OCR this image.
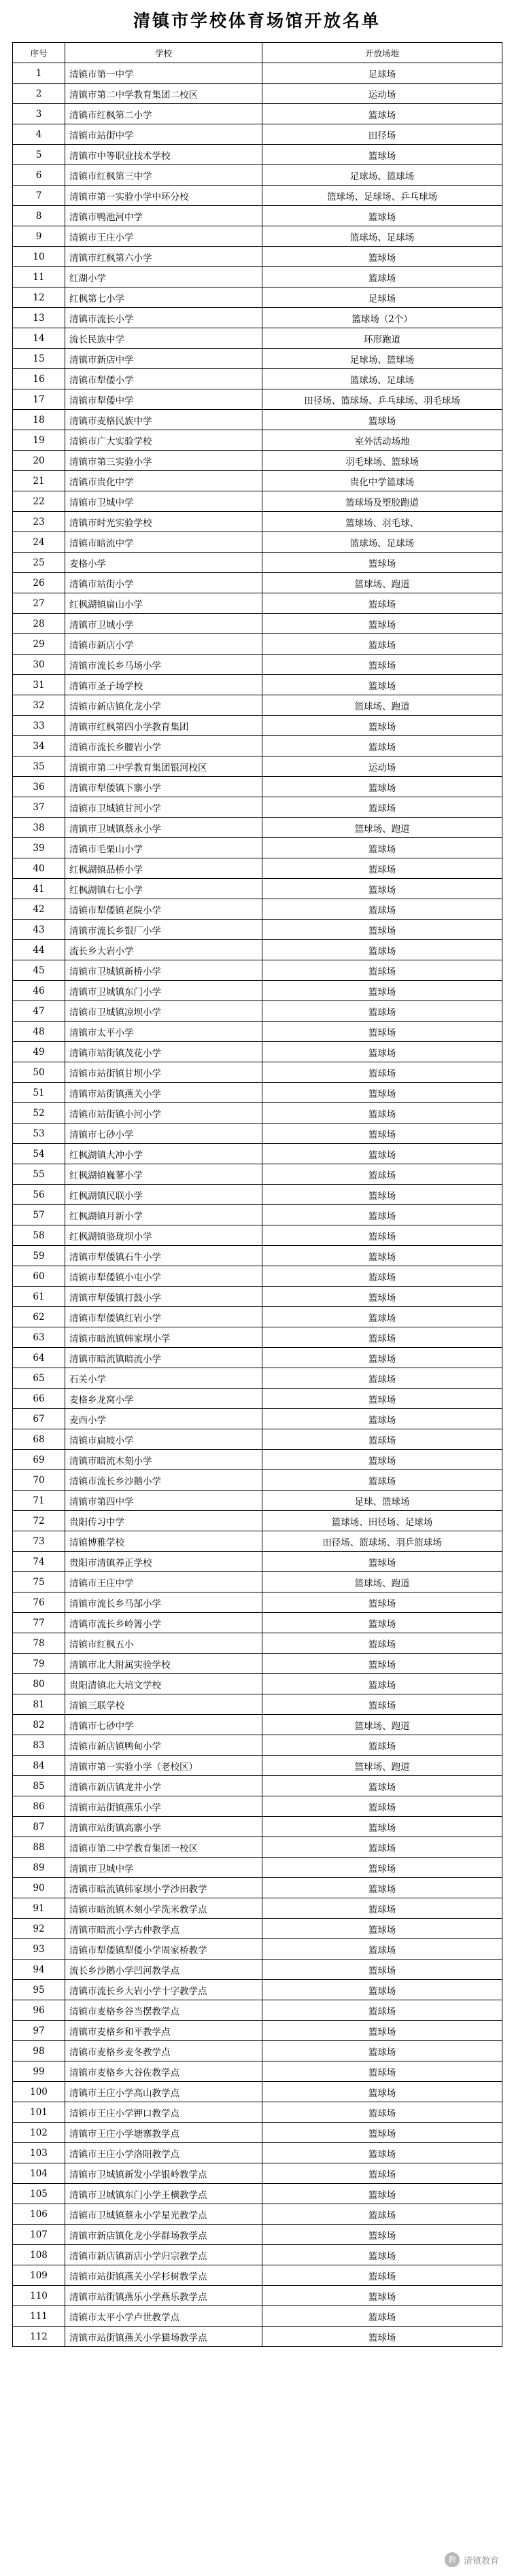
清镇市学校体育场馆开放名单
序号	学校	开放场地
1	清镇市第一中学	足球场
2	清镇市第二中学教育集团二校区	运动场
3	清镇市红枫第二小学	篮球场
4	清镇市站街中学	田径场
5	清镇市中等职业技术学校	篮球场
6	清镇市红枫第三中学	足球场、篮球场
7	清镇市第一实验小学中环分校	篮球场、足球场、乒乓球场
8	清镇市鸭池河中学	篮球场
9	清镇市王庄小学	篮球场、足球场
10	清镇市红枫第六小学	篮球场
11	红湖小学	篮球场
12	红枫第七小学	足球场
13	清镇市流长小学	篮球场（2个）
14	流长民族中学	环形跑道
15	清镇市新店中学	足球场、篮球场
16	清镇市犁倭小学	篮球场、足球场
17	清镇市犁倭中学	田径场、篮球场、乒乓球场、羽毛球场
18	清镇市麦格民族中学	篮球场
19	清镇市广大实验学校	室外活动场地
20	清镇市第三实验小学	羽毛球场、篮球场
21	清镇市贵化中学	贵化中学篮球场
22	清镇市卫城中学	篮球场及塑胶跑道
23	清镇市时光实验学校	篮球场、羽毛球、
24	清镇市暗流中学	篮球场、足球场
25	麦格小学	篮球场
26	清镇市站街小学	篮球场、跑道
27	红枫湖镇扁山小学	篮球场
28	清镇市卫城小学	篮球场
29	清镇市新店小学	篮球场
30	清镇市流长乡马场小学	篮球场
31	清镇市圣子场学校	篮球场
32	清镇市新店镇化龙小学	篮球场、跑道
33	清镇市红枫第四小学教育集团	篮球场
34	清镇市流长乡腰岩小学	篮球场
35	清镇市第二中学教育集团银河校区	运动场
36	清镇市犁倭镇下寨小学	篮球场
37	清镇市卫城镇甘河小学	篮球场
38	清镇市卫城镇蔡永小学	篮球场、跑道
39	清镇市毛栗山小学	篮球场
40	红枫湖镇品桥小学	篮球场
41	红枫湖镇右七小学	篮球场
42	清镇市犁倭镇老院小学	篮球场
43	清镇市流长乡银厂小学	篮球场
44	流长乡大岩小学	篮球场
45	清镇市卫城镇新桥小学	篮球场
46	清镇市卫城镇东门小学	篮球场
47	清镇市卫城镇凉坝小学	篮球场
48	清镇市太平小学	篮球场
49	清镇市站街镇茂花小学	篮球场
50	清镇市站街镇甘坝小学	篮球场
51	清镇市站街镇燕关小学	篮球场
52	清镇市站街镇小河小学	篮球场
53	清镇市七砂小学	篮球场
54	红枫湖镇大冲小学	篮球场
55	红枫湖镇巍蓼小学	篮球场
56	红枫湖镇民联小学	篮球场
57	红枫湖镇月新小学	篮球场
58	红枫湖镇骆珑坝小学	篮球场
59	清镇市犁倭镇石牛小学	篮球场
60	清镇市犁倭镇小屯小学	篮球场
61	清镇市犁倭镇打鼓小学	篮球场
62	清镇市犁倭镇红岩小学	篮球场
63	清镇市暗流镇韩家坝小学	篮球场
64	清镇市暗流镇暗流小学	篮球场
65	石关小学	篮球场
66	麦格乡龙窝小学	篮球场
67	麦西小学	篮球场
68	清镇市扁坡小学	篮球场
69	清镇市暗流木刻小学	篮球场
70	清镇市流长乡沙鹅小学	篮球场
71	清镇市第四中学	足球、篮球场
72	贵阳传习中学	篮球场、田径场、足球场
73	清镇博雅学校	田径场、篮球场、羽乒篮球场
74	贵阳市清镇养正学校	篮球场
75	清镇市王庄中学	篮球场、跑道
76	清镇市流长乡马郜小学	篮球场
77	清镇市流长乡岭箐小学	篮球场
78	清镇市红枫五小	篮球场
79	清镇市北大附属实验学校	篮球场
80	贵阳清镇北大培文学校	篮球场
81	清镇三联学校	篮球场
82	清镇市七砂中学	篮球场、跑道
83	清镇市新店镇鸭甸小学	篮球场
84	清镇市第一实验小学（老校区）	篮球场、跑道
85	清镇市新店镇龙井小学	篮球场
86	清镇市站街镇燕乐小学	篮球场
87	清镇市站街镇高寨小学	篮球场
88	清镇市第二中学教育集团一校区	篮球场
89	清镇市卫城中学	篮球场
90	清镇市暗流镇韩家坝小学沙田教学	篮球场
91	清镇市暗流镇木刻小学洗米教学点	篮球场
92	清镇市暗流小学古仲教学点	篮球场
93	清镇市犁倭镇犁倭小学周家桥教学	篮球场
94	流长乡沙鹅小学凹河教学点	篮球场
95	清镇市流长乡大岩小学十字教学点	篮球场
96	清镇市麦格乡谷当摆教学点	篮球场
97	清镇市麦格乡和平教学点	篮球场
98	清镇市麦格乡麦冬教学点	篮球场
99	清镇市麦格乡大谷佐教学点	篮球场
100	清镇市王庄小学高山教学点	篮球场
101	清镇市王庄小学钾口教学点	篮球场
102	清镇市王庄小学塘寨教学点	篮球场
103	清镇市王庄小学洛阳教学点	篮球场
104	清镇市卫城镇新发小学银岭教学点	篮球场
105	清镇市卫城镇东门小学王横教学点	篮球场
106	清镇市卫城镇蔡永小学星光教学点	篮球场
107	清镇市新店镇化龙小学群场教学点	篮球场
108	清镇市新店镇新店小学归宗教学点	篮球场
109	清镇市站街镇燕关小学杉树教学点	篮球场
110	清镇市站街镇燕乐小学燕乐教学点	篮球场
111	清镇市太平小学卢世教学点	篮球场
112	清镇市站街镇燕关小学猫场教学点	篮球场
教 清镇教育
